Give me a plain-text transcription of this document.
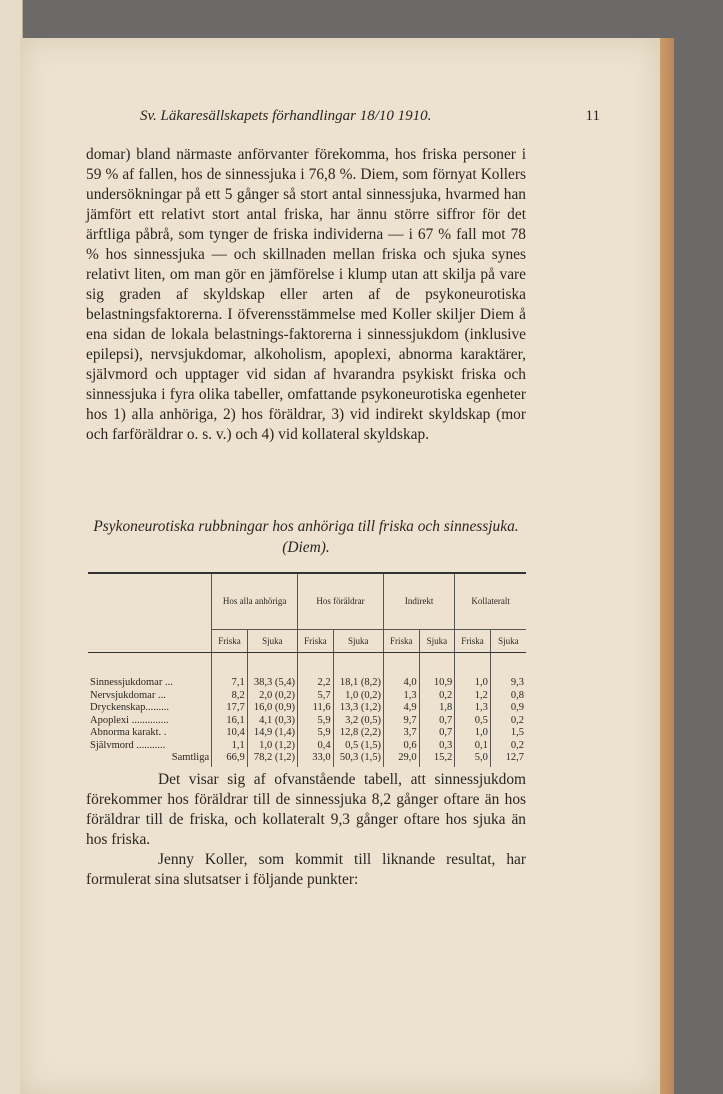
Sv. Läkaresällskapets förhandlingar 18/10 1910.	11

domar) bland närmaste anförvanter förekomma, hos friska personer i 59 % af fallen, hos de sinnessjuka i 76,8 %. Diem, som förnyat Kollers undersökningar på ett 5 gånger så stort antal sinnessjuka, hvarmed han jämfört ett relativt stort antal friska, har ännu större siffror för det ärftliga påbrå, som tynger de friska individerna — i 67 % fall mot 78 % hos sinnessjuka — och skillnaden mellan friska och sjuka synes relativt liten, om man gör en jämförelse i klump utan att skilja på vare sig graden af skyldskap eller arten af de psykoneurotiska belastningsfaktorerna. I öfverensstämmelse med Koller skiljer Diem å ena sidan de lokala belastnings-faktorerna i sinnessjukdom (inklusive epilepsi), nervsjukdomar, alkoholism, apoplexi, abnorma karaktärer, självmord och upptager vid sidan af hvarandra psykiskt friska och sinnessjuka i fyra olika tabeller, omfattande psykoneurotiska egenheter hos 1) alla anhöriga, 2) hos föräldrar, 3) vid indirekt skyldskap (mor och farföräldrar o. s. v.) och 4) vid kollateral skyldskap.

Psykoneurotiska rubbningar hos anhöriga till friska och sinnessjuka. (Diem).
	Hos alla anhöriga		Hos föräldrar		Indirekt		Kollateralt	
	Friska	Sjuka	Friska	Sjuka	Friska	Sjuka	Friska	Sjuka

Sinnessjukdomar ...	7,1	38,3 (5,4)	2,2	18,1 (8,2)	4,0	10,9	1,0	9,3
Nervsjukdomar ...	8,2	2,0 (0,2)	5,7	1,0 (0,2)	1,3	0,2	1,2	0,8
Dryckenskap.........	17,7	16,0 (0,9)	11,6	13,3 (1,2)	4,9	1,8	1,3	0,9
Apoplexi ..............	16,1	4,1 (0,3)	5,9	3,2 (0,5)	9,7	0,7	0,5	0,2
Abnorma karakt. .	10,4	14,9 (1,4)	5,9	12,8 (2,2)	3,7	0,7	1,0	1,5
Självmord ...........	1,1	1,0 (1,2)	0,4	0,5 (1,5)	0,6	0,3	0,1	0,2
Samtliga	66,9	78,2 (1,2)	33,0	50,3 (1,5)	29,0	15,2	5,0	12,7

Det visar sig af ofvanstående tabell, att sinnessjukdom förekommer hos föräldrar till de sinnessjuka 8,2 gånger oftare än hos föräldrar till de friska, och kollateralt 9,3 gånger oftare hos sjuka än hos friska.

Jenny Koller, som kommit till liknande resultat, har formulerat sina slutsatser i följande punkter:
